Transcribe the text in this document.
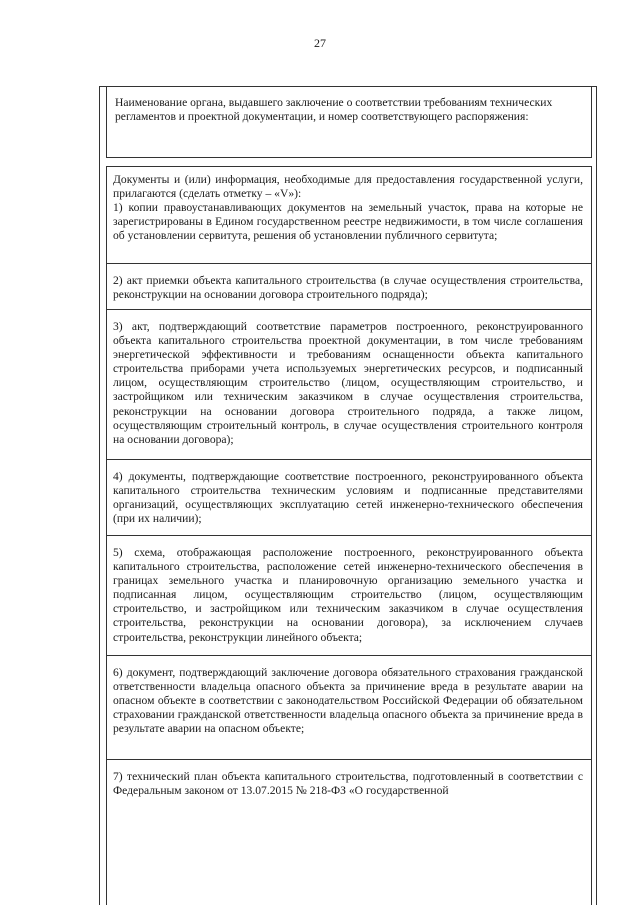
27
Наименование органа, выдавшего заключение о соответствии требованиям технических регламентов и проектной документации, и номер соответствующего распоряжения:

Документы и (или) информация, необходимые для предоставления государственной услуги, прилагаются (сделать отметку – «V»):

1) копии правоустанавливающих документов на земельный участок, права на которые не зарегистрированы в Едином государственном реестре недвижимости, в том числе соглашения об установлении сервитута, решения об установлении публичного сервитута;

2) акт приемки объекта капитального строительства (в случае осуществления строительства, реконструкции на основании договора строительного подряда);

3) акт, подтверждающий соответствие параметров построенного, реконструированного объекта капитального строительства проектной документации, в том числе требованиям энергетической эффективности и требованиям оснащенности объекта капитального строительства приборами учета используемых энергетических ресурсов, и подписанный лицом, осуществляющим строительство (лицом, осуществляющим строительство, и застройщиком или техническим заказчиком в случае осуществления строительства, реконструкции на основании договора строительного подряда, а также лицом, осуществляющим строительный контроль, в случае осуществления строительного контроля на основании договора);

4) документы, подтверждающие соответствие построенного, реконструированного объекта капитального строительства техническим условиям и подписанные представителями организаций, осуществляющих эксплуатацию сетей инженерно-технического обеспечения (при их наличии);

5) схема, отображающая расположение построенного, реконструированного объекта капитального строительства, расположение сетей инженерно-технического обеспечения в границах земельного участка и планировочную организацию земельного участка и подписанная лицом, осуществляющим строительство (лицом, осуществляющим строительство, и застройщиком или техническим заказчиком в случае осуществления строительства, реконструкции на основании договора), за исключением случаев строительства, реконструкции линейного объекта;

6) документ, подтверждающий заключение договора обязательного страхования гражданской ответственности владельца опасного объекта за причинение вреда в результате аварии на опасном объекте в соответствии с законодательством Российской Федерации об обязательном страховании гражданской ответственности владельца опасного объекта за причинение вреда в результате аварии на опасном объекте;

7) технический план объекта капитального строительства, подготовленный в соответствии с Федеральным законом от 13.07.2015 № 218-ФЗ «О государственной
